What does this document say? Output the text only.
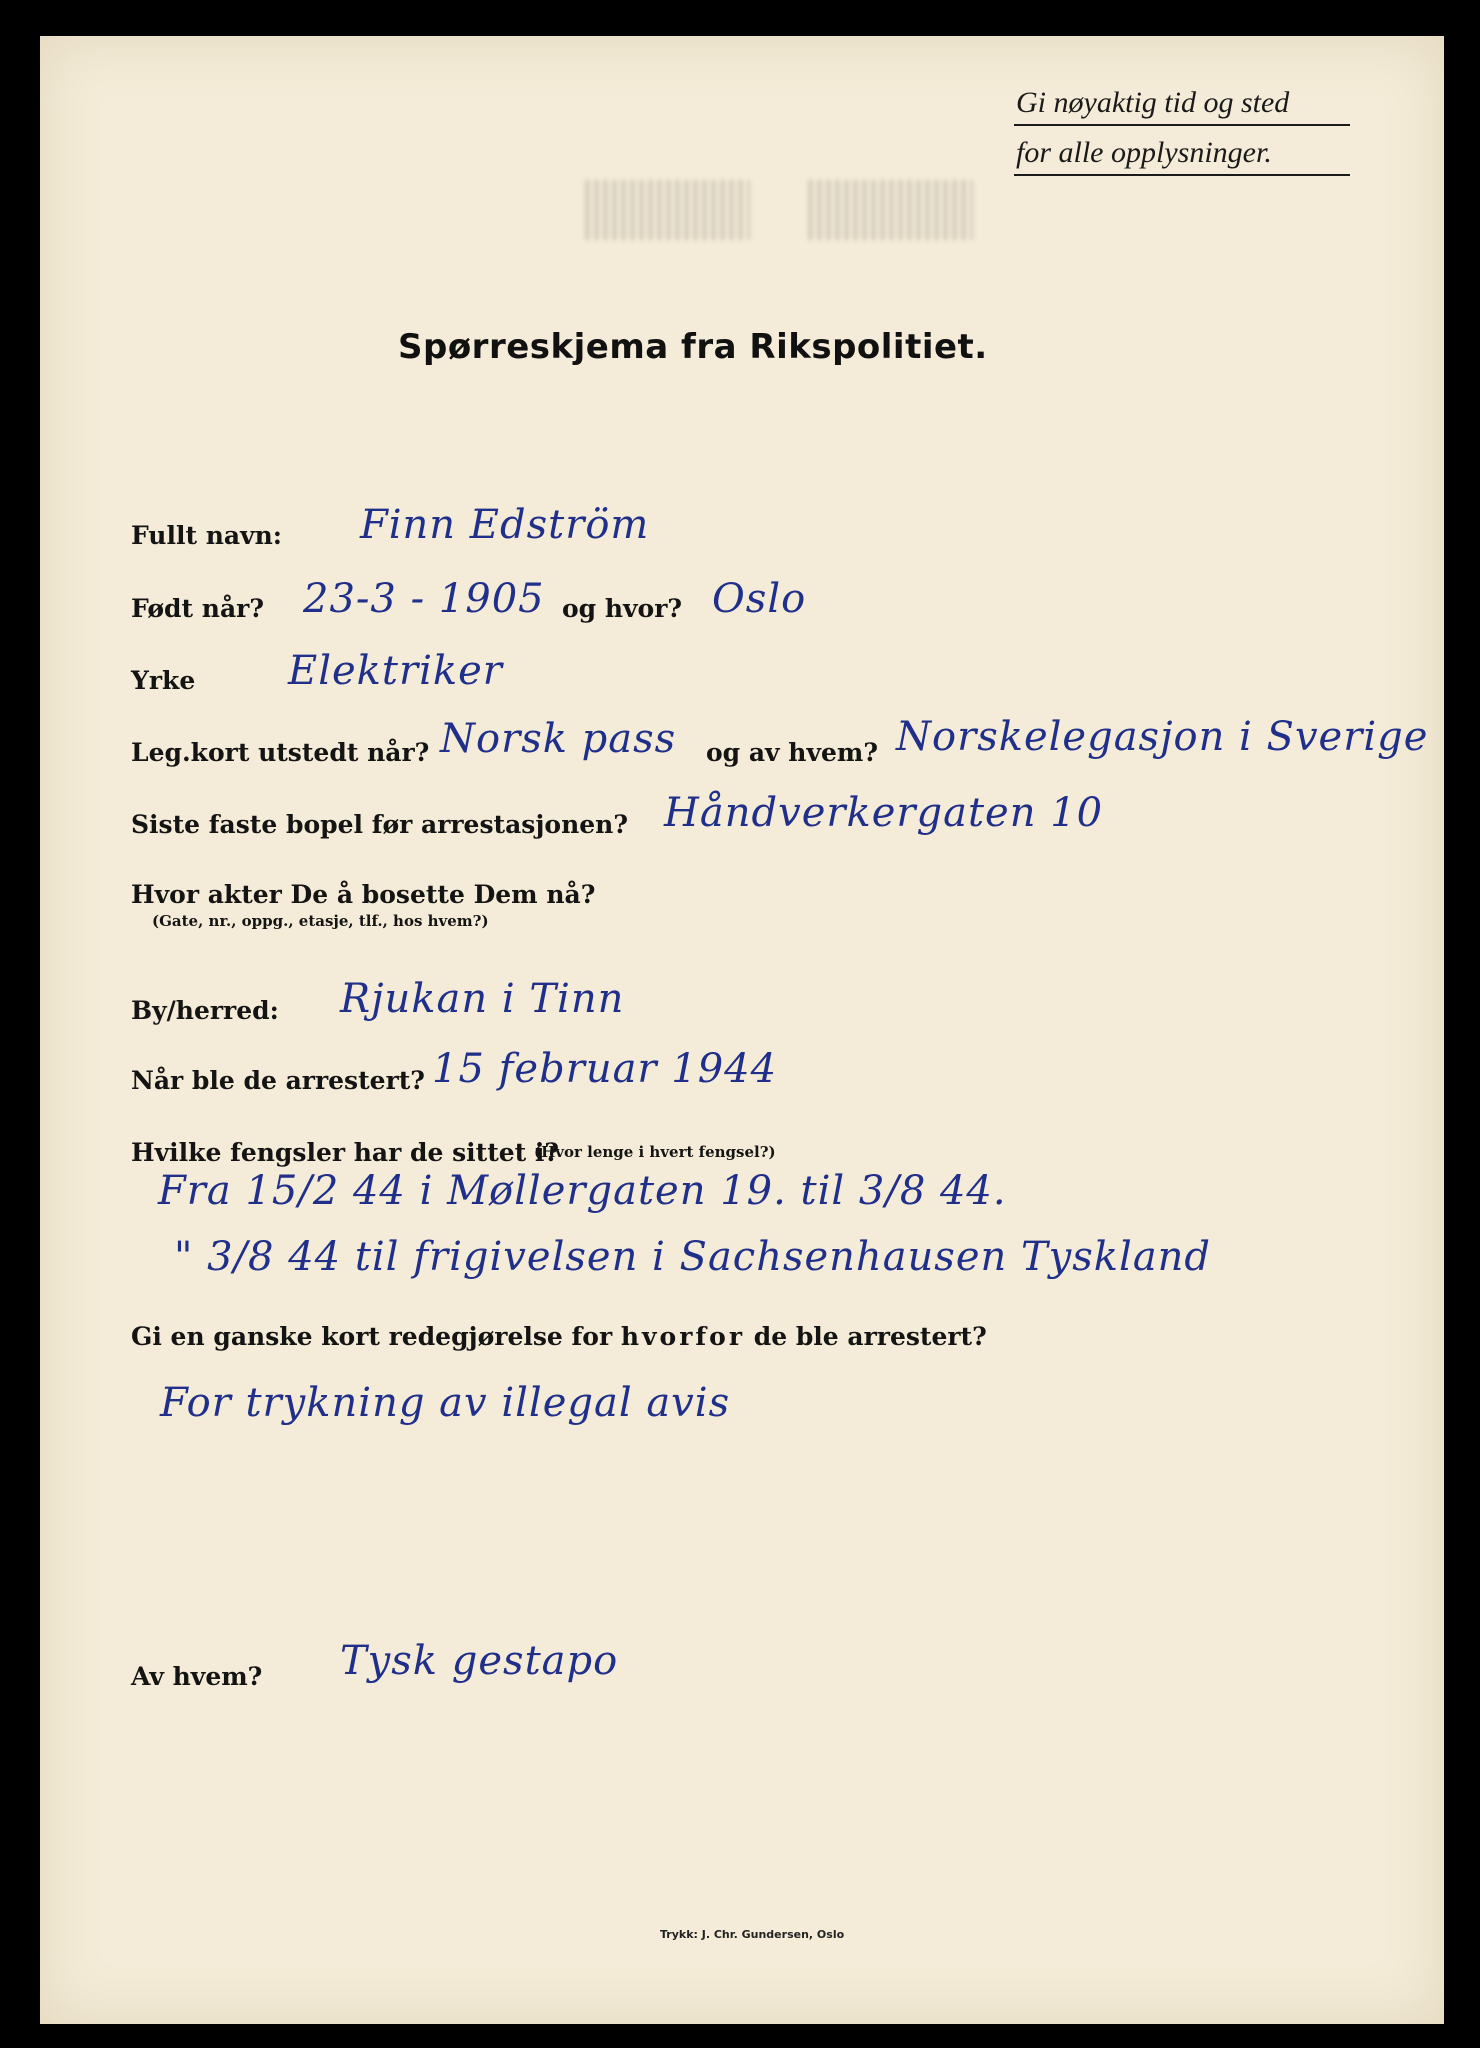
Gi nøyaktig tid og sted
for alle opplysninger.
Spørreskjema fra Rikspolitiet.
Fullt navn: Finn Edström
Født når? 23-3 - 1905 og hvor? Oslo
Yrke Elektriker
Leg.kort utstedt når? Norsk pass og av hvem? Norskelegasjon i Sverige
Siste faste bopel før arrestasjonen? Håndverkergaten 10
Hvor akter De å bosette Dem nå?
(Gate, nr., oppg., etasje, tlf., hos hvem?)
By/herred: Rjukan i Tinn
Når ble de arrestert? 15 februar 1944
Hvilke fengsler har de sittet i?
(Hvor lenge i hvert fengsel?)
Fra 15/2 44 i Møllergaten 19. til 3/8 44.
" 3/8 44 til frigivelsen i Sachsenhausen Tyskland
Gi en ganske kort redegjørelse for hvorfor de ble arrestert?
For trykning av illegal avis
Av hvem? Tysk gestapo
Trykk: J. Chr. Gundersen, Oslo
